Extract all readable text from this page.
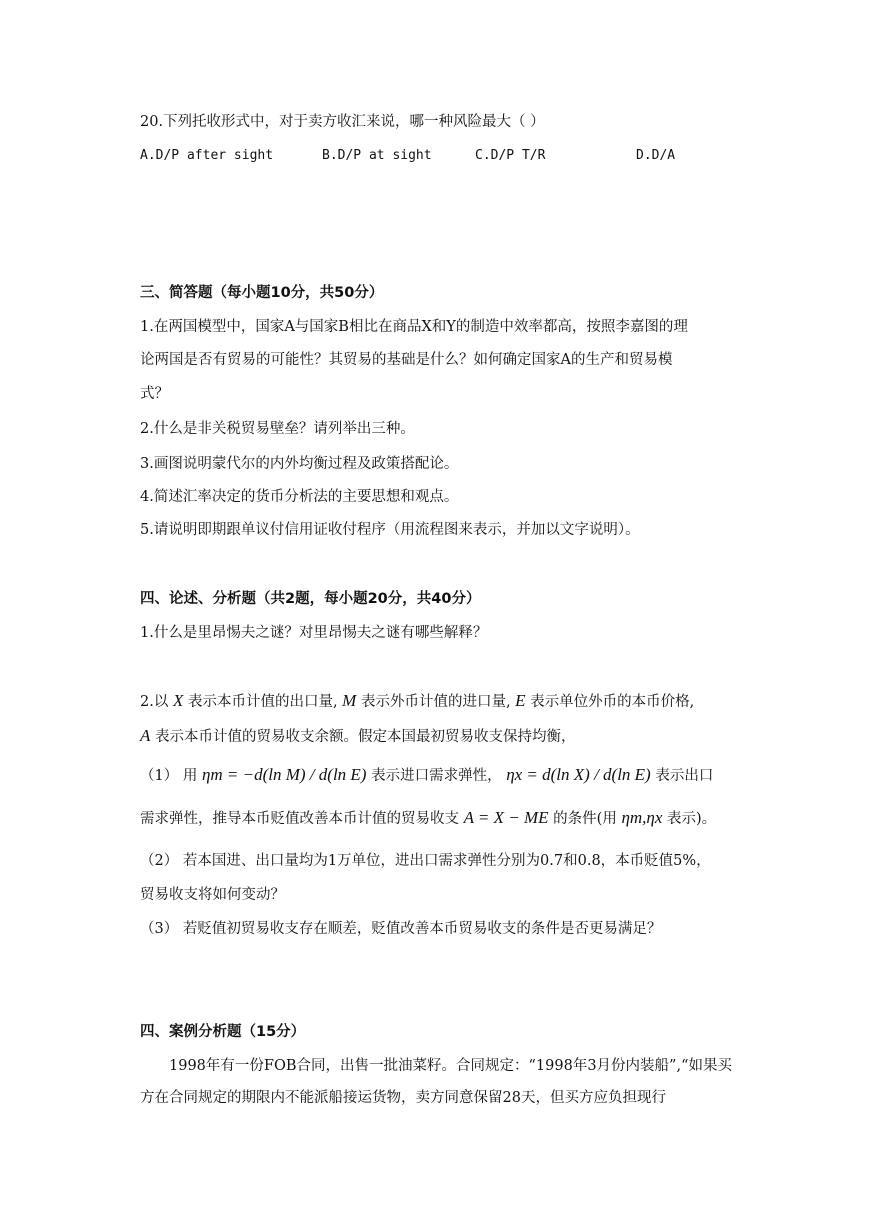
20.下列托收形式中，对于卖方收汇来说，哪一种风险最大（ ）
A.D/P after sight	B.D/P at sight	C.D/P T/R	D.D/A
三、简答题（每小题10分，共50分）
1.在两国模型中，国家A与国家B相比在商品X和Y的制造中效率都高，按照李嘉图的理
论两国是否有贸易的可能性？其贸易的基础是什么？如何确定国家A的生产和贸易模
式？
2.什么是非关税贸易壁垒？请列举出三种。
3.画图说明蒙代尔的内外均衡过程及政策搭配论。
4.简述汇率决定的货币分析法的主要思想和观点。
5.请说明即期跟单议付信用证收付程序（用流程图来表示，并加以文字说明）。
四、论述、分析题（共2题，每小题20分，共40分）
1.什么是里昂惕夫之谜？对里昂惕夫之谜有哪些解释？
2.以 X 表示本币计值的出口量, M 表示外币计值的进口量, E 表示单位外币的本币价格,
A 表示本币计值的贸易收支余额。假定本国最初贸易收支保持均衡，
（1） 用 ηm = −d(ln M) / d(ln E) 表示进口需求弹性， ηx = d(ln X) / d(ln E) 表示出口
需求弹性，推导本币贬值改善本币计值的贸易收支 A = X − ME 的条件(用 ηm,ηx 表示)。
（2） 若本国进、出口量均为1万单位，进出口需求弹性分别为0.7和0.8，本币贬值5%，
贸易收支将如何变动？
（3） 若贬值初贸易收支存在顺差，贬值改善本币贸易收支的条件是否更易满足？
四、案例分析题（15分）
1998年有一份FOB合同，出售一批油菜籽。合同规定：“1998年3月份内装船”,“如果买方在合同规定的期限内不能派船接运货物，卖方同意保留28天，但买方应负担现行
